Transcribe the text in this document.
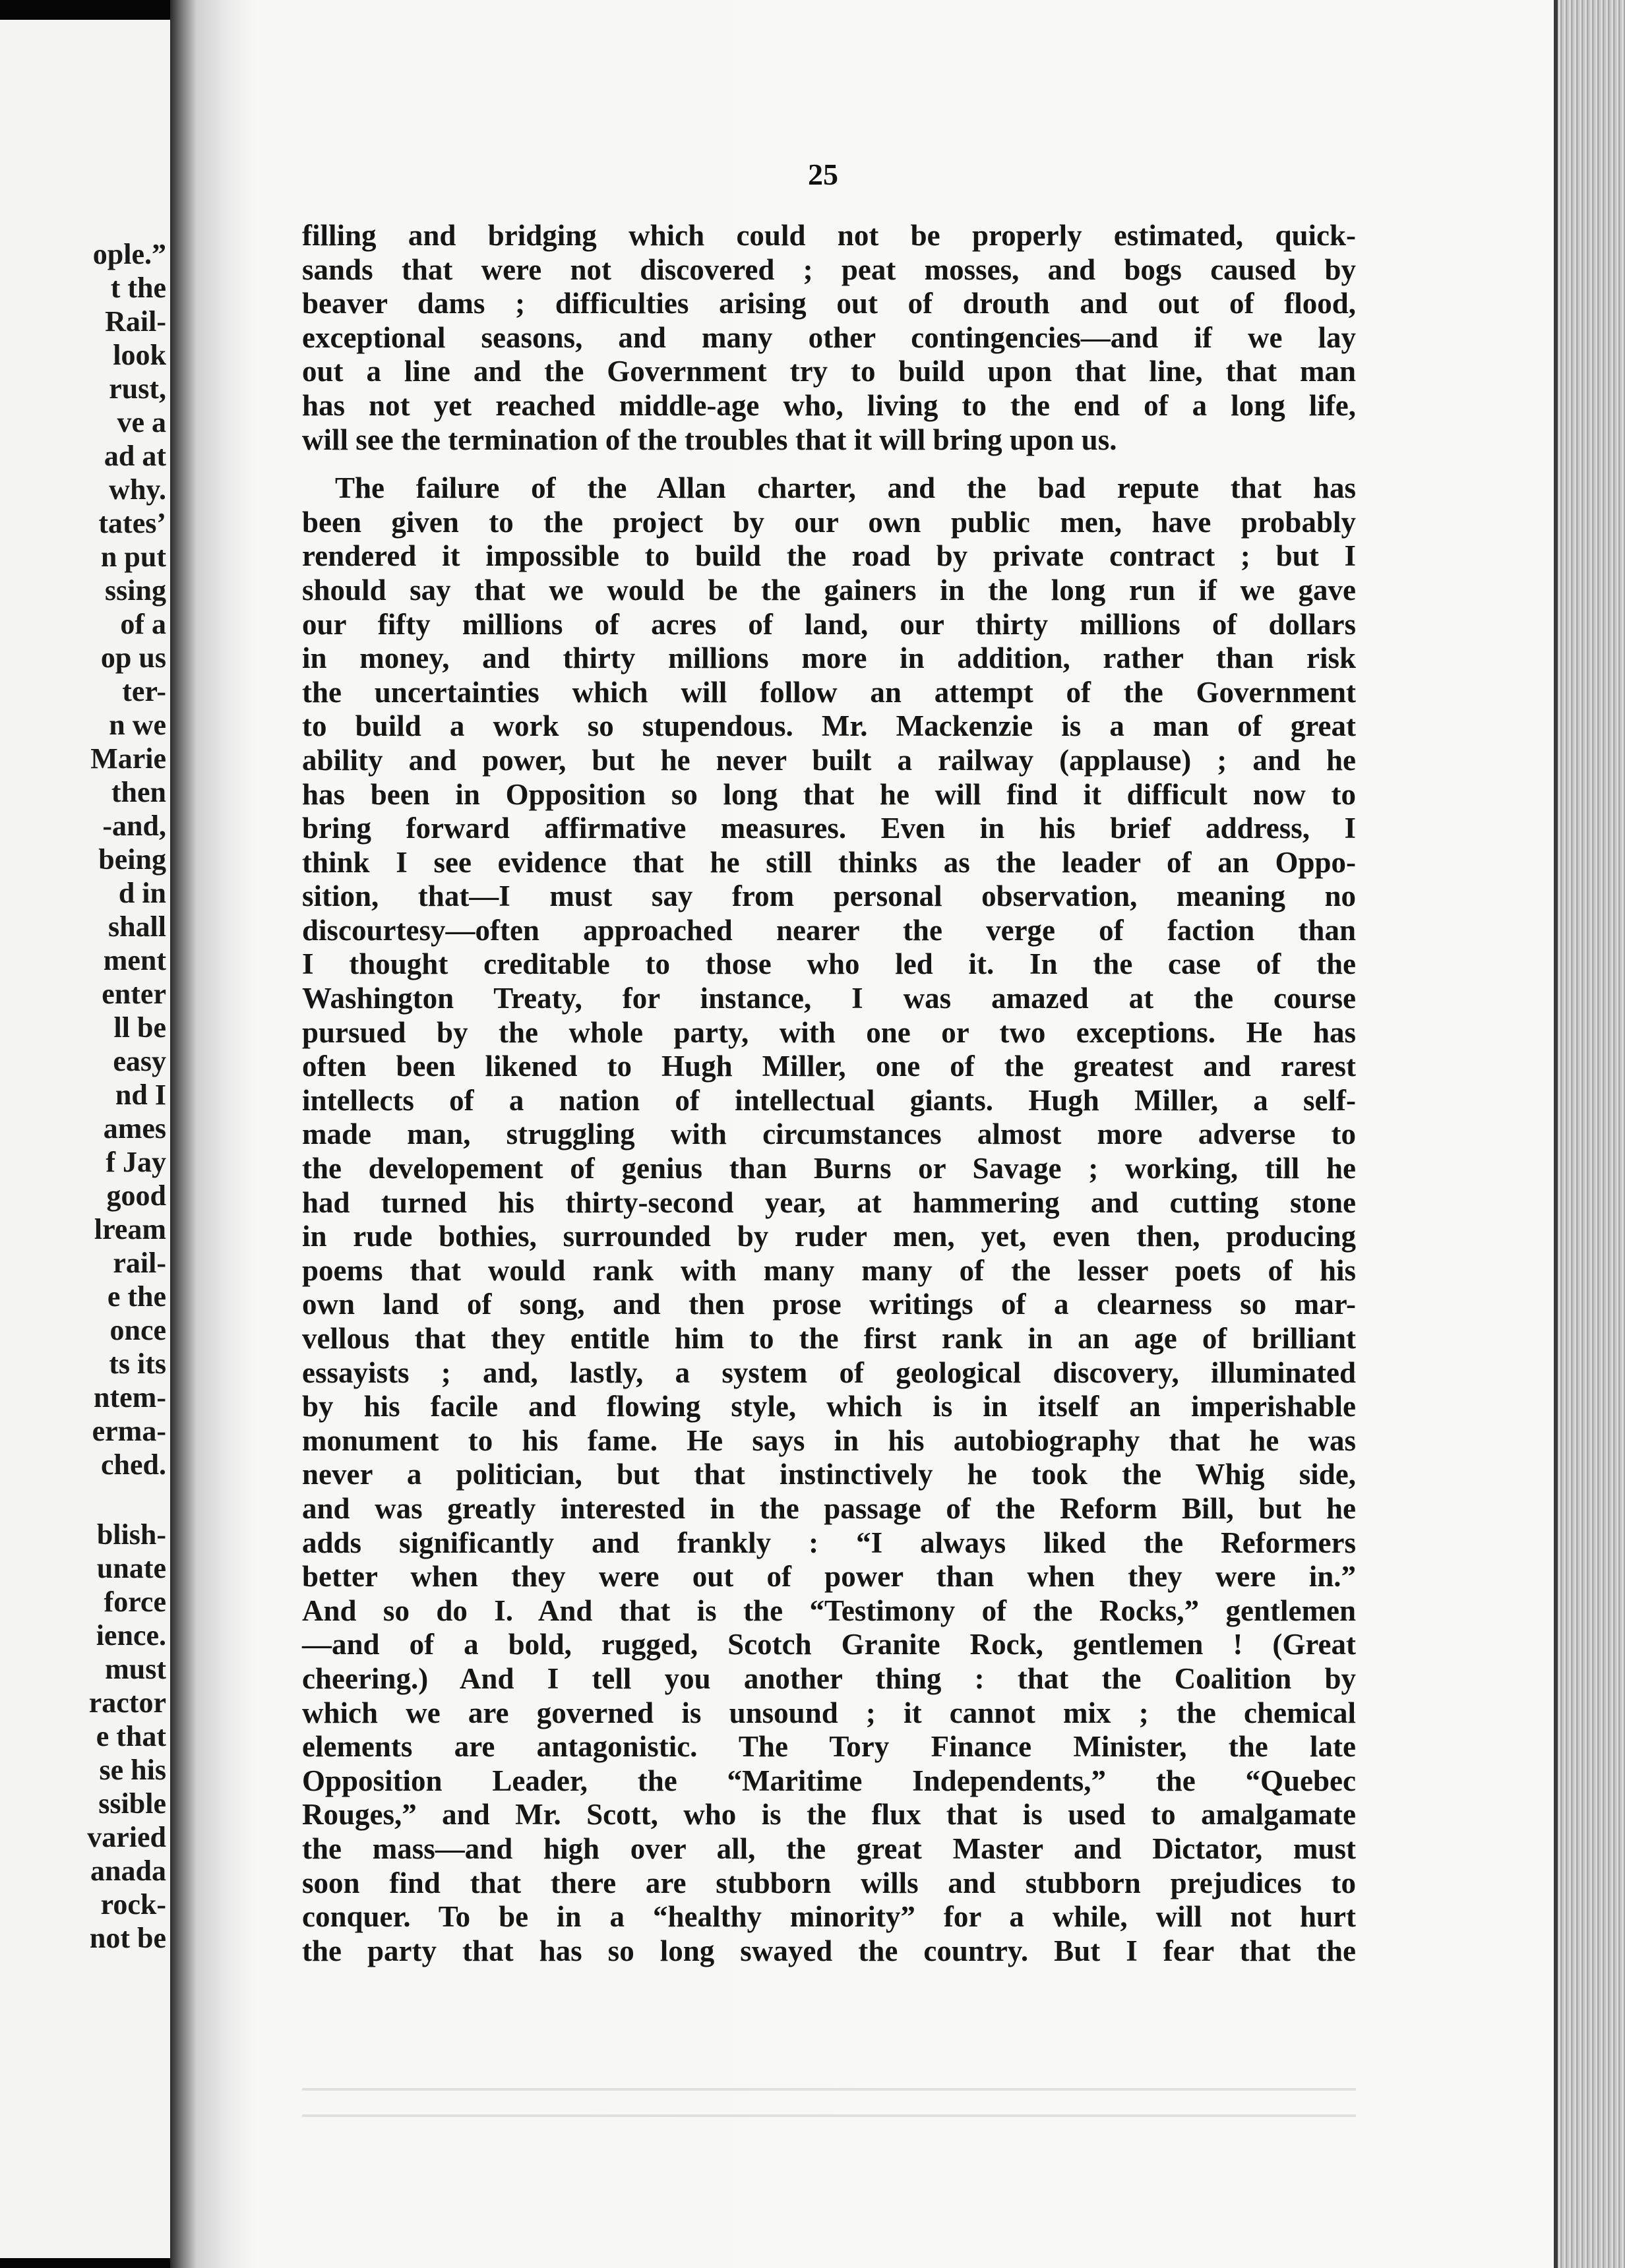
ople.”
t the
Rail-
look
rust,
ve a
ad at
why.
tates’
n put
ssing
of a
op us
ter-
n we
Marie
then
-and,
being
d in
shall
ment
enter
ll be
easy
nd I
ames
f Jay
good
lream
rail-
e the
once
ts its
ntem-
erma-
ched.
blish-
unate
force
ience.
must
ractor
e that
se his
ssible
varied
anada
rock-
not be
25
filling and bridging which could not be properly estimated, quick-
sands that were not discovered ; peat mosses, and bogs caused by
beaver dams ; difficulties arising out of drouth and out of flood,
exceptional seasons, and many other contingencies—and if we lay
out a line and the Government try to build upon that line, that man
has not yet reached middle-age who, living to the end of a long life,
will see the termination of the troubles that it will bring upon us.
The failure of the Allan charter, and the bad repute that has
been given to the project by our own public men, have probably
rendered it impossible to build the road by private contract ; but I
should say that we would be the gainers in the long run if we gave
our fifty millions of acres of land, our thirty millions of dollars
in money, and thirty millions more in addition, rather than risk
the uncertainties which will follow an attempt of the Government
to build a work so stupendous. Mr. Mackenzie is a man of great
ability and power, but he never built a railway (applause) ; and he
has been in Opposition so long that he will find it difficult now to
bring forward affirmative measures. Even in his brief address, I
think I see evidence that he still thinks as the leader of an Oppo-
sition, that—I must say from personal observation, meaning no
discourtesy—often approached nearer the verge of faction than
I thought creditable to those who led it. In the case of the
Washington Treaty, for instance, I was amazed at the course
pursued by the whole party, with one or two exceptions. He has
often been likened to Hugh Miller, one of the greatest and rarest
intellects of a nation of intellectual giants. Hugh Miller, a self-
made man, struggling with circumstances almost more adverse to
the developement of genius than Burns or Savage ; working, till he
had turned his thirty-second year, at hammering and cutting stone
in rude bothies, surrounded by ruder men, yet, even then, producing
poems that would rank with many many of the lesser poets of his
own land of song, and then prose writings of a clearness so mar-
vellous that they entitle him to the first rank in an age of brilliant
essayists ; and, lastly, a system of geological discovery, illuminated
by his facile and flowing style, which is in itself an imperishable
monument to his fame. He says in his autobiography that he was
never a politician, but that instinctively he took the Whig side,
and was greatly interested in the passage of the Reform Bill, but he
adds significantly and frankly : “I always liked the Reformers
better when they were out of power than when they were in.”
And so do I. And that is the “Testimony of the Rocks,” gentlemen
—and of a bold, rugged, Scotch Granite Rock, gentlemen ! (Great
cheering.) And I tell you another thing : that the Coalition by
which we are governed is unsound ; it cannot mix ; the chemical
elements are antagonistic. The Tory Finance Minister, the late
Opposition Leader, the “Maritime Independents,” the “Quebec
Rouges,” and Mr. Scott, who is the flux that is used to amalgamate
the mass—and high over all, the great Master and Dictator, must
soon find that there are stubborn wills and stubborn prejudices to
conquer. To be in a “healthy minority” for a while, will not hurt
the party that has so long swayed the country. But I fear that the
